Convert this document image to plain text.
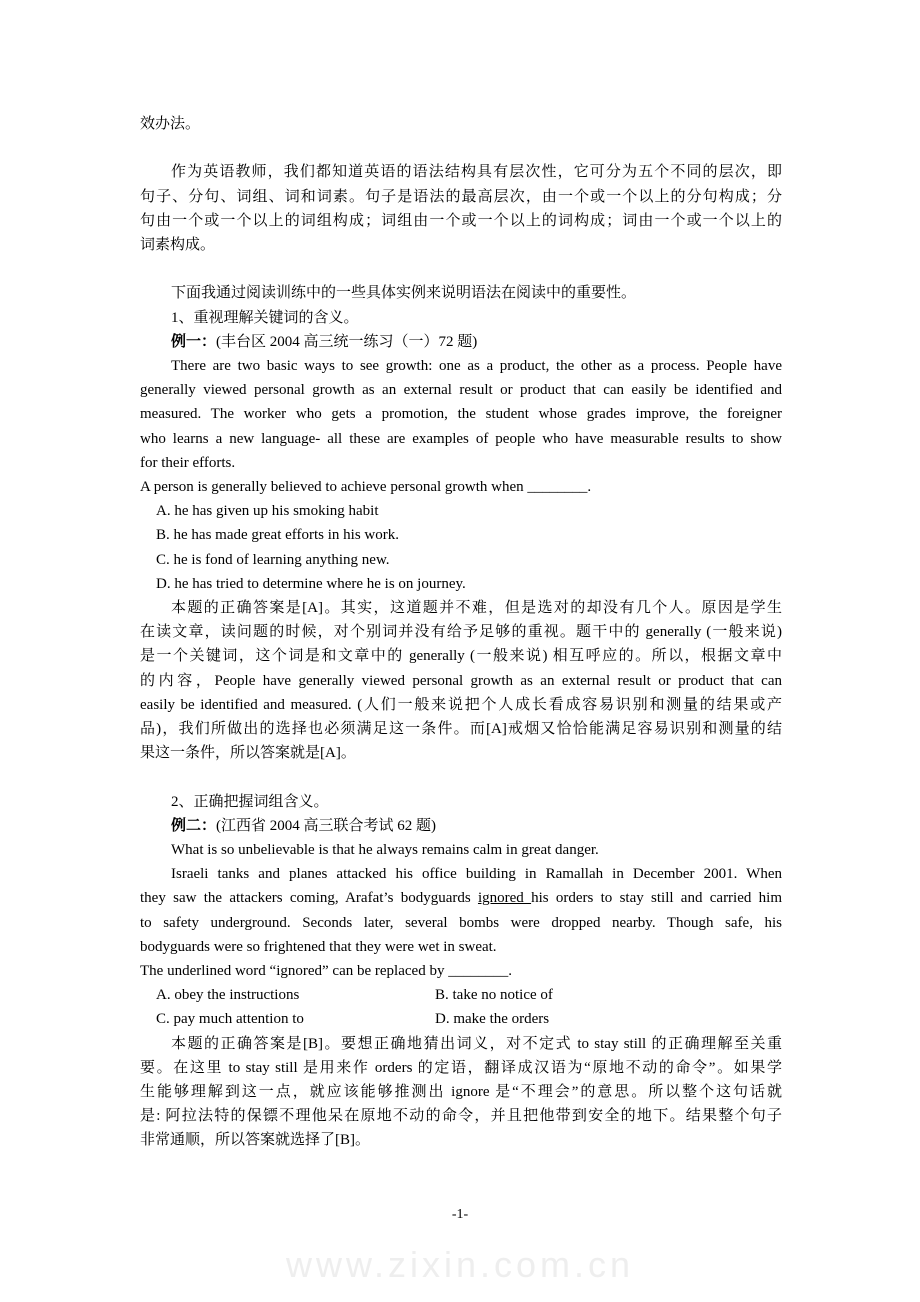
效办法。
作为英语教师，我们都知道英语的语法结构具有层次性，它可分为五个不同的层次，即
句子、分句、词组、词和词素。句子是语法的最高层次，由一个或一个以上的分句构成；分
句由一个或一个以上的词组构成；词组由一个或一个以上的词构成；词由一个或一个以上的
词素构成。
下面我通过阅读训练中的一些具体实例来说明语法在阅读中的重要性。
1、重视理解关键词的含义。
例一：(丰台区 2004 高三统一练习（一）72 题)
There are two basic ways to see growth: one as a product, the other as a process. People have
generally viewed personal growth as an external result or product that can easily be identified and
measured. The worker who gets a promotion, the student whose grades improve, the foreigner
who learns a new language- all these are examples of people who have measurable results to show
for their efforts.
A person is generally believed to achieve personal growth when ________.
A. he has given up his smoking habit
B. he has made great efforts in his work.
C. he is fond of learning anything new.
D. he has tried to determine where he is on journey.
本题的正确答案是[A]。其实，这道题并不难，但是选对的却没有几个人。原因是学生
在读文章，读问题的时候，对个别词并没有给予足够的重视。题干中的 generally (一般来说)
是一个关键词，这个词是和文章中的 generally (一般来说) 相互呼应的。所以，根据文章中
的内容，People have generally viewed personal growth as an external result or product that can
easily be identified and measured. (人们一般来说把个人成长看成容易识别和测量的结果或产
品)，我们所做出的选择也必须满足这一条件。而[A]戒烟又恰恰能满足容易识别和测量的结
果这一条件，所以答案就是[A]。
2、正确把握词组含义。
例二：(江西省 2004 高三联合考试 62 题)
What is so unbelievable is that he always remains calm in great danger.
Israeli tanks and planes attacked his office building in Ramallah in December 2001. When
they saw the attackers coming, Arafat’s bodyguards ignored his orders to stay still and carried him
to safety underground. Seconds later, several bombs were dropped nearby. Though safe, his
bodyguards were so frightened that they were wet in sweat.
The underlined word “ignored” can be replaced by ________.
A. obey the instructions	B. take no notice of
C. pay much attention to	D. make the orders
本题的正确答案是[B]。要想正确地猜出词义，对不定式 to stay still 的正确理解至关重
要。在这里 to stay still 是用来作 orders 的定语，翻译成汉语为“原地不动的命令”。如果学
生能够理解到这一点，就应该能够推测出 ignore 是“不理会”的意思。所以整个这句话就
是: 阿拉法特的保镖不理他呆在原地不动的命令，并且把他带到安全的地下。结果整个句子
非常通顺，所以答案就选择了[B]。
-1-
www.zixin.com.cn
